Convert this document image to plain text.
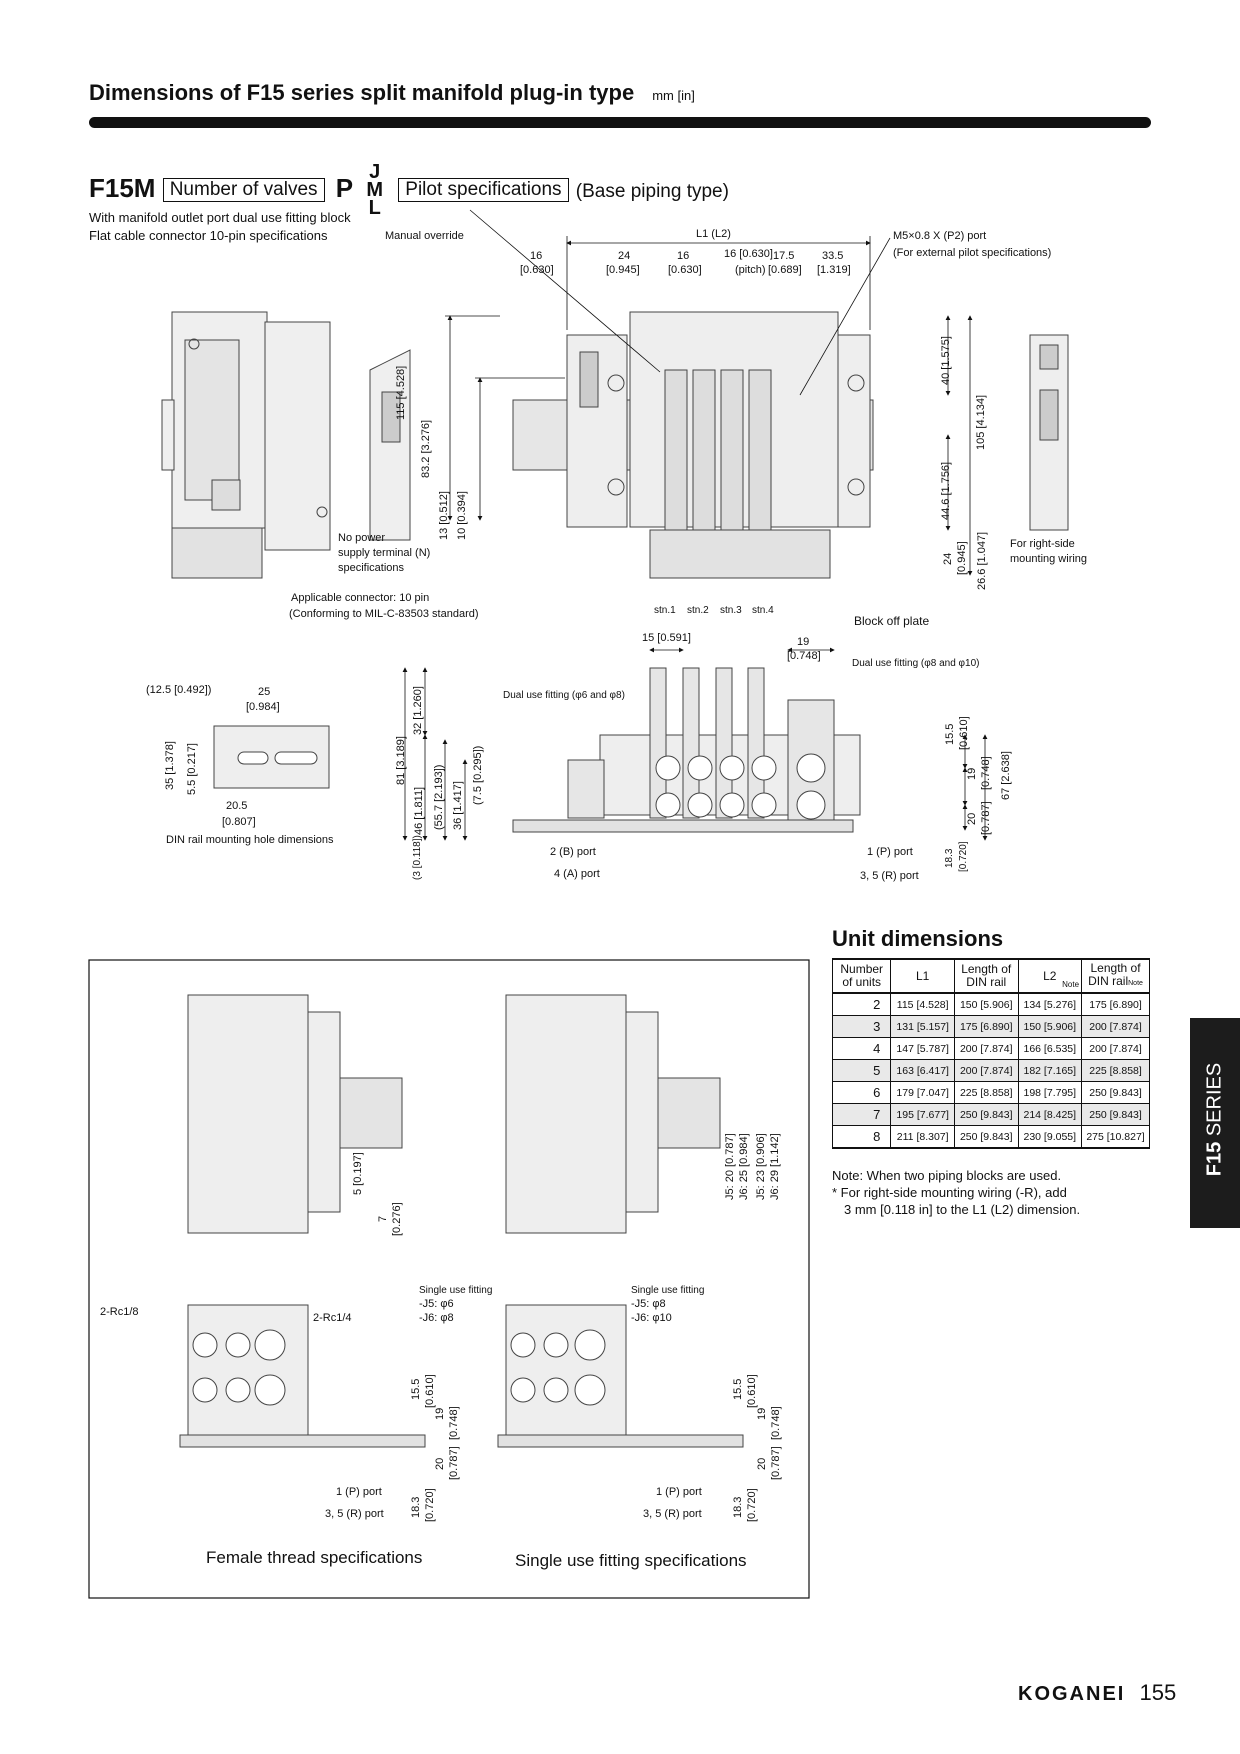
Dimensions of F15 series split manifold plug-in type mm [in]
F15M Number of valves P J
M
L Pilot specifications (Base piping type)
With manifold outlet port dual use fitting block
Flat cable connector 10-pin specifications	Manual override	L1 (L2)	M5×0.8 X (P2) port
(For external pilot specifications)
16
[0.630]
24
[0.945]
16
[0.630]
16 [0.630]
(pitch)
17.5
[0.689]
33.5
[1.319]
No power
supply terminal (N)
specifications
Applicable connector: 10 pin
(Conforming to MIL-C-83503 standard)
For right-side
mounting wiring
stn.1 stn.2 stn.3 stn.4
Block off plate
115 [4.528]
83.2 [3.276]
13 [0.512] 10 [0.394]
40 [1.575]
105 [4.134]
44.6 [1.756]
24 [0.945] 26.6 [1.047]
15 [0.591]	19
[0.748]
Dual use fitting (φ8 and φ10)
Dual use fitting (φ6 and φ8)
2 (B) port
4 (A) port
1 (P) port
3, 5 (R) port
32 [1.260]
81 [3.189]
46 [1.811] (55.7 [2.193]) 36 [1.417]
(7.5 [0.295])
(3 [0.118])
15.5 [0.610]
19 [0.748] 67 [2.638]
20 [0.787]
18.3 [0.720]
(12.5 [0.492])	25
[0.984]
35 [1.378] 5.5 [0.217]
20.5
[0.807]
DIN rail mounting hole dimensions
5 [0.197]
7 [0.276]
J5: 20 [0.787] J6: 25 [0.984] J5: 23 [0.906] J6: 29 [1.142]
2-Rc1/8	2-Rc1/4
Single use fitting
-J5: φ6
-J6: φ8
Single use fitting
-J5: φ8
-J6: φ10
1 (P) port
3, 5 (R) port
1 (P) port
3, 5 (R) port
15.5 [0.610]
19 [0.748]
20 [0.787]
18.3 [0.720]
15.5 [0.610]
19 [0.748]
20 [0.787]
18.3 [0.720]
Female thread specifications	Single use fitting specifications
Unit dimensions
Number of units	L1	Length of DIN rail	L2
Note	Length of DIN railNote
2	115 [4.528]	150 [5.906]	134 [5.276]	175 [6.890]
3	131 [5.157]	175 [6.890]	150 [5.906]	200 [7.874]
4	147 [5.787]	200 [7.874]	166 [6.535]	200 [7.874]
5	163 [6.417]	200 [7.874]	182 [7.165]	225 [8.858]
6	179 [7.047]	225 [8.858]	198 [7.795]	250 [9.843]
7	195 [7.677]	250 [9.843]	214 [8.425]	250 [9.843]
8	211 [8.307]	250 [9.843]	230 [9.055]	275 [10.827]
Note: When two piping blocks are used.
* For right-side mounting wiring (-R), add
3 mm [0.118 in] to the L1 (L2) dimension.
F15 SERIES
KOGANEI 155
